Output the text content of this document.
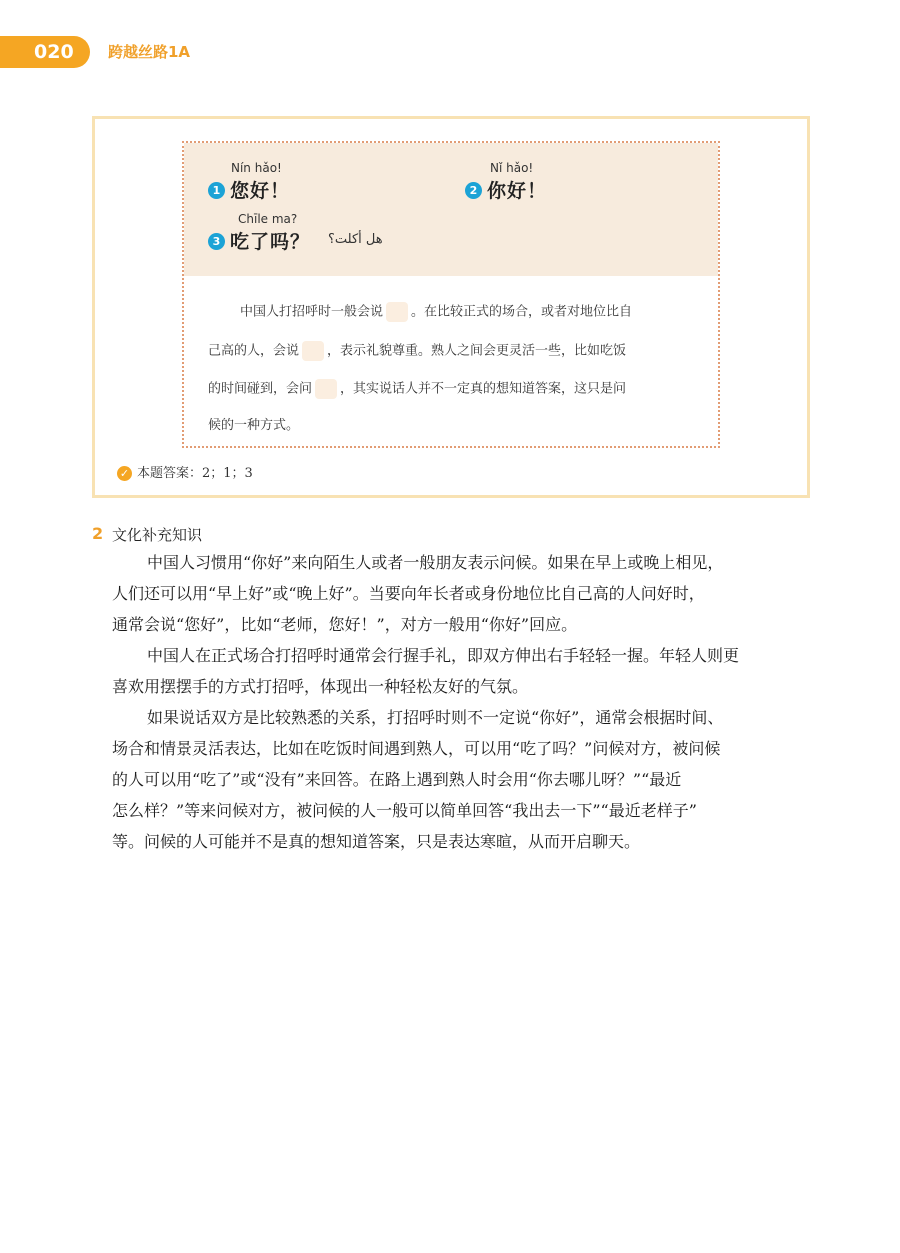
020 跨越丝路1A
Nín hǎo!
1 您好！
Nǐ hǎo!
2 你好！
Chīle ma?
3 吃了吗？ هل أكلت؟
中国人打招呼时一般会说 。在比较正式的场合，或者对地位比自
己高的人，会说 ，表示礼貌尊重。熟人之间会更灵活一些，比如吃饭
的时间碰到，会问 ，其实说话人并不一定真的想知道答案，这只是问
候的一种方式。
✓ 本题答案：2；1；3
2 文化补充知识
中国人习惯用“你好”来向陌生人或者一般朋友表示问候。如果在早上或晚上相见，
人们还可以用“早上好”或“晚上好”。当要向年长者或身份地位比自己高的人问好时，
通常会说“您好”，比如“老师，您好！”，对方一般用“你好”回应。
中国人在正式场合打招呼时通常会行握手礼，即双方伸出右手轻轻一握。年轻人则更
喜欢用摆摆手的方式打招呼，体现出一种轻松友好的气氛。
如果说话双方是比较熟悉的关系，打招呼时则不一定说“你好”，通常会根据时间、
场合和情景灵活表达，比如在吃饭时间遇到熟人，可以用“吃了吗？”问候对方，被问候
的人可以用“吃了”或“没有”来回答。在路上遇到熟人时会用“你去哪儿呀？”“最近
怎么样？”等来问候对方，被问候的人一般可以简单回答“我出去一下”“最近老样子”
等。问候的人可能并不是真的想知道答案，只是表达寒暄，从而开启聊天。
